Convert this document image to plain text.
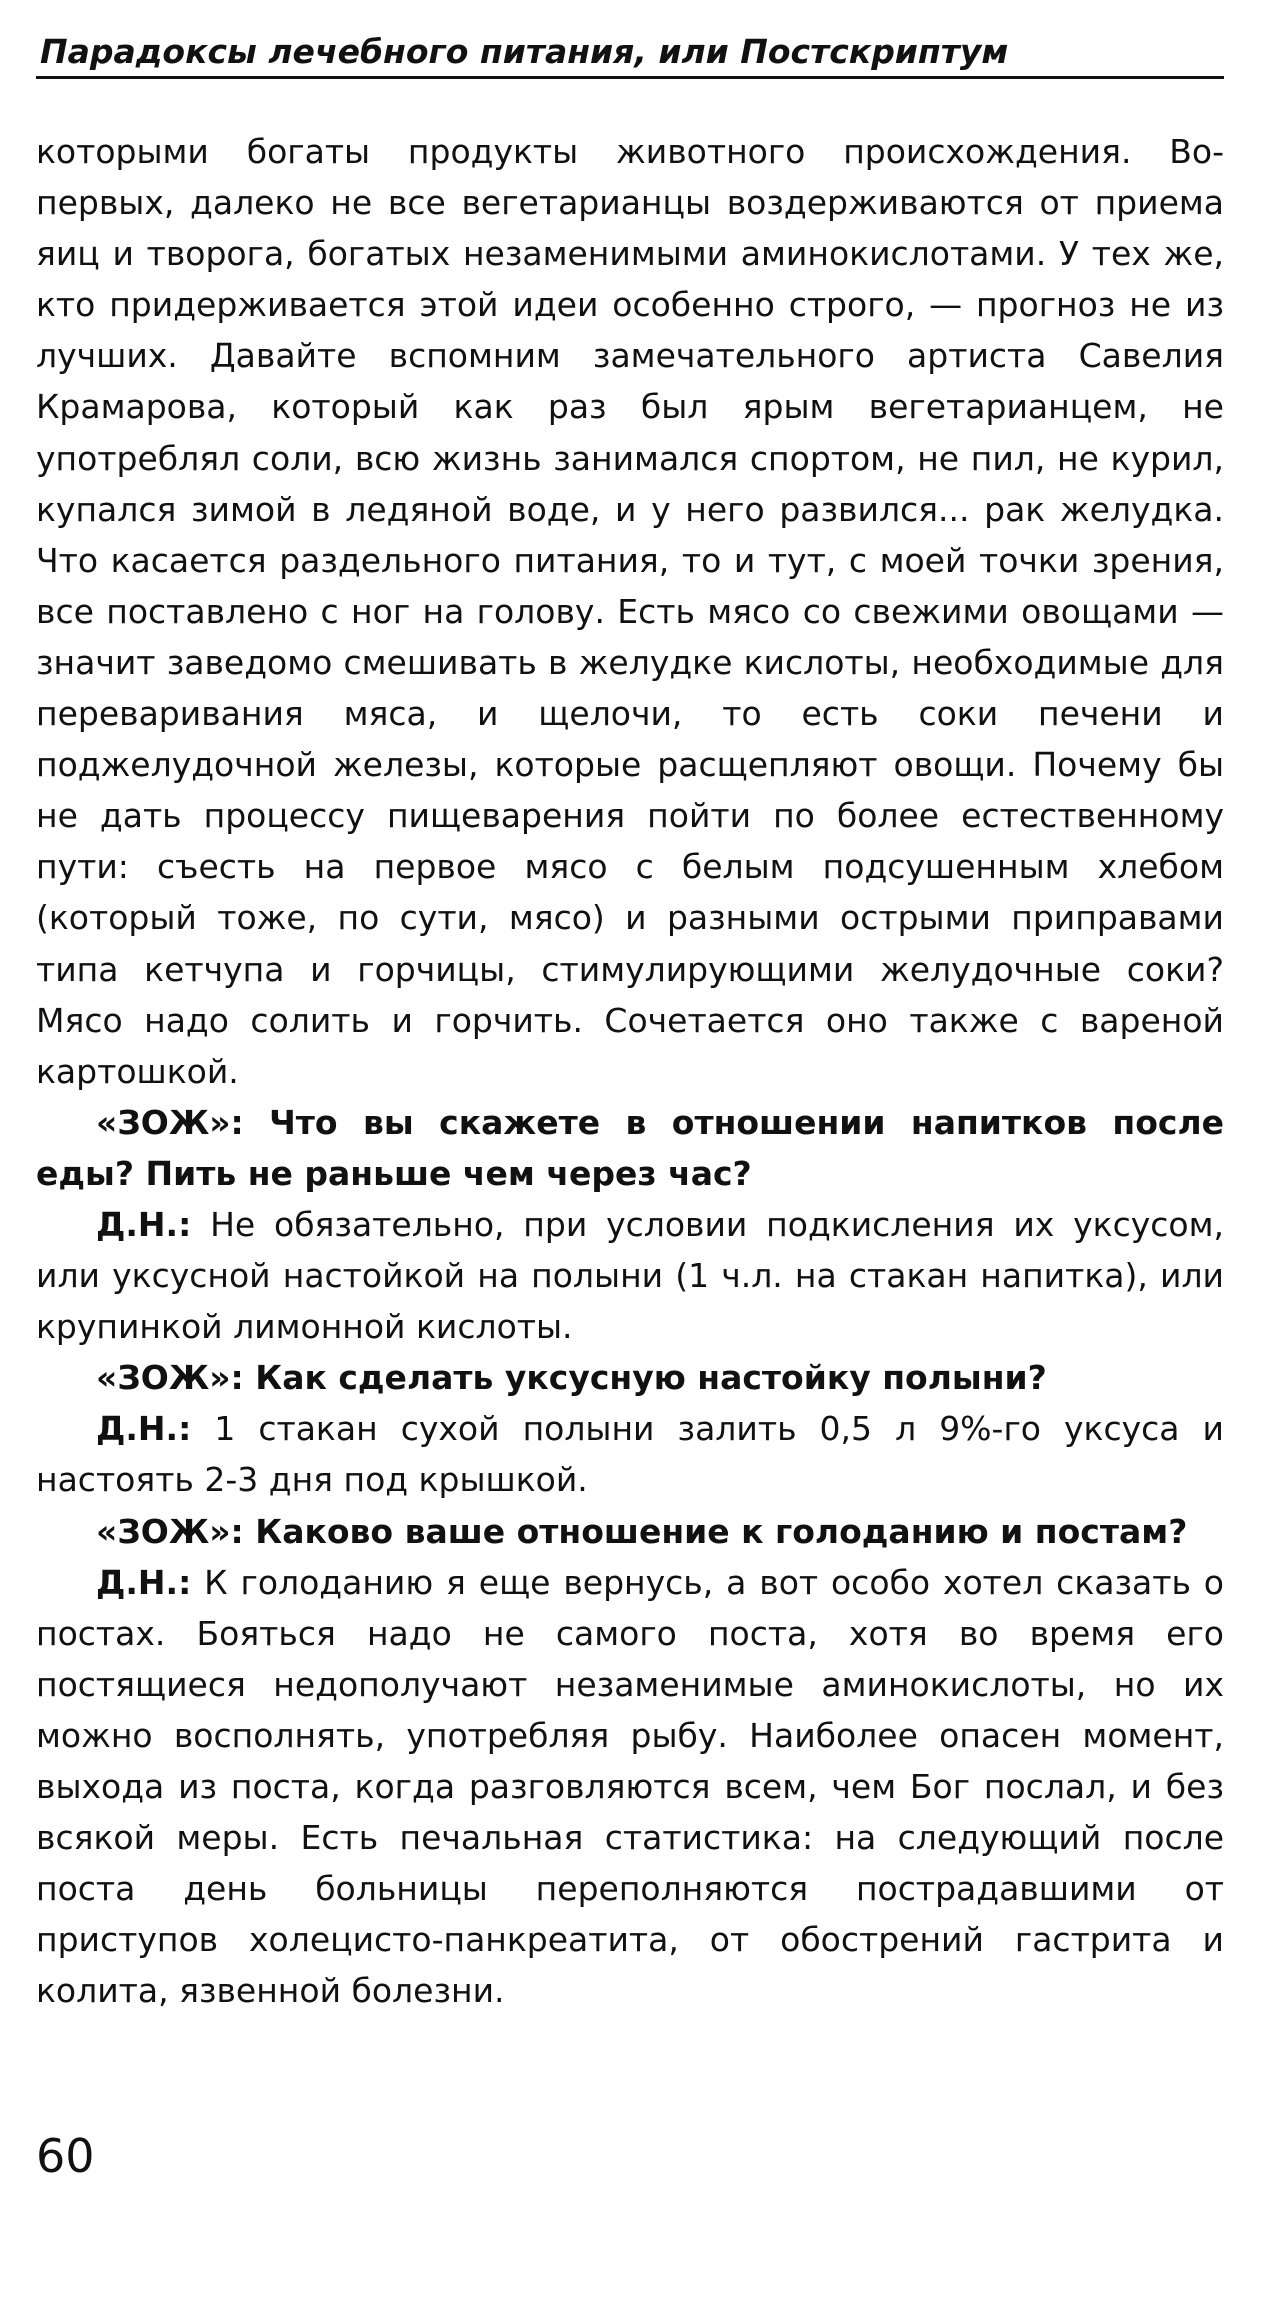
Парадоксы лечебного питания, или Постскриптум

которыми богаты продукты животного происхождения. Во-первых, далеко не все вегетарианцы воздерживаются от приема яиц и творога, богатых незаменимыми аминокислотами. У тех же, кто придерживается этой идеи особенно строго, — прогноз не из лучших. Давайте вспомним замечательного артиста Савелия Крамарова, который как раз был ярым вегетарианцем, не употреблял соли, всю жизнь занимался спортом, не пил, не курил, купался зимой в ледяной воде, и у него развился... рак желудка. Что касается раздельного питания, то и тут, с моей точки зрения, все поставлено с ног на голову. Есть мясо со свежими овощами — значит заведомо смешивать в желудке кислоты, необходимые для переваривания мяса, и щелочи, то есть соки печени и поджелудочной железы, которые расщепляют овощи. Почему бы не дать процессу пищеварения пойти по более естественному пути: съесть на первое мясо с белым подсушенным хлебом (который тоже, по сути, мясо) и разными острыми приправами типа кетчупа и горчицы, стимулирующими желудочные соки? Мясо надо солить и горчить. Сочетается оно также с вареной картошкой.

«ЗОЖ»: Что вы скажете в отношении напитков после еды? Пить не раньше чем через час?

Д.Н.: Не обязательно, при условии подкисления их уксусом, или уксусной настойкой на полыни (1 ч.л. на стакан напитка), или крупинкой лимонной кислоты.

«ЗОЖ»: Как сделать уксусную настойку полыни?

Д.Н.: 1 стакан сухой полыни залить 0,5 л 9%-го уксуса и настоять 2-3 дня под крышкой.

«ЗОЖ»: Каково ваше отношение к голоданию и постам?

Д.Н.: К голоданию я еще вернусь, а вот особо хотел сказать о постах. Бояться надо не самого поста, хотя во время его постящиеся недополучают незаменимые аминокислоты, но их можно восполнять, употребляя рыбу. Наиболее опасен момент, выхода из поста, когда разговляются всем, чем Бог послал, и без всякой меры. Есть печальная статистика: на следующий после поста день больницы переполняются пострадавшими от приступов холецисто-панкреатита, от обострений гастрита и колита, язвенной болезни.

60
